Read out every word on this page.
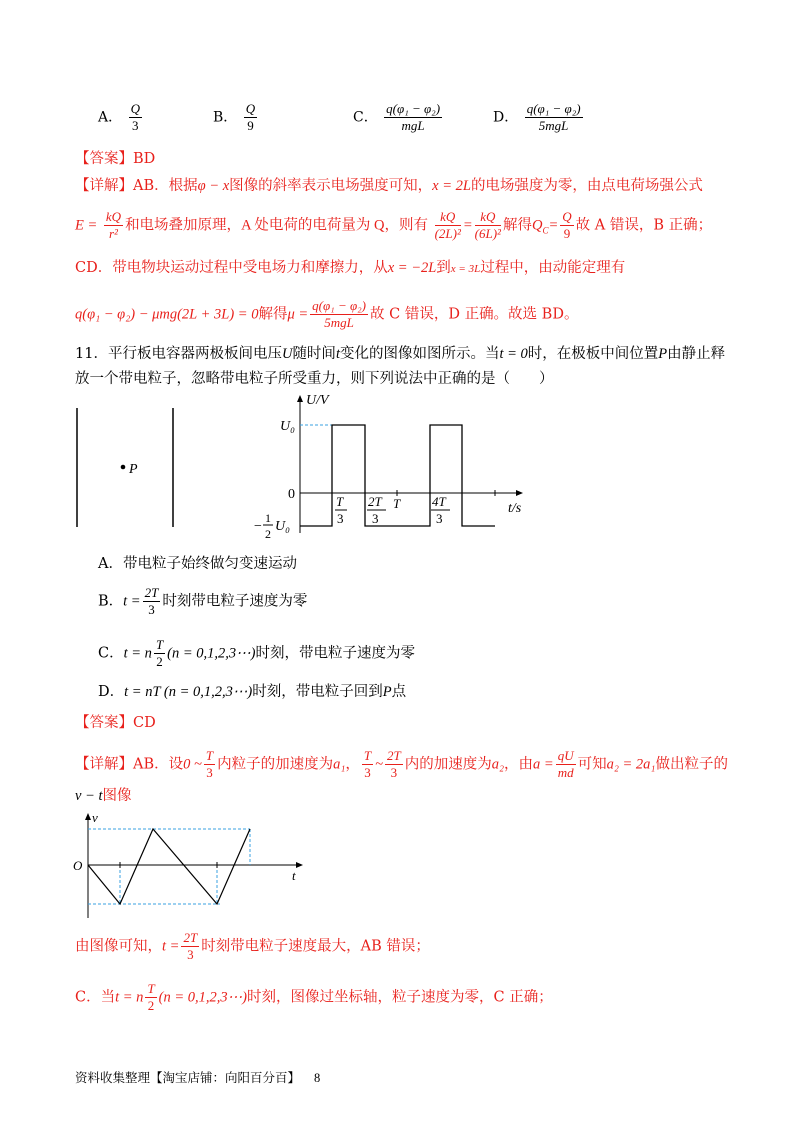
A． $\frac{Q}{3}$	B． $\frac{Q}{9}$	C． $\frac{\text{q(φ₁ − φ₂)}}{\text{mgL}}$	D． $\frac{\text{q(φ₁ − φ₂)}}{\text{5mgL}}$
【答案】BD
【详解】AB．根据φ − x图像的斜率表示电场强度可知，x = 2L的电场强度为零，由点电荷场强公式
$E = \frac{kQ}{\text{r²}}$ 和电场叠加原理，A 处电荷的电荷量为 Q，则有 $\frac{kQ}{\text{(2L)²}} = \frac{kQ}{\text{(6L)²}}$ 解得$Q_C= \frac{Q}{9}$ 故 A 错误，B 正确；
CD．带电物块运动过程中受电场力和摩擦力，从x = −2L到x = 3L过程中，由动能定理有
q(φ₁ − φ₂) − μmg(2L + 3L) = 0解得$\mu = \frac{\text{q(φ₁ − φ₂)}}{\text{5mgL}}$ 故 C 错误，D 正确。故选 BD。
11．平行板电容器两极板间电压U随时间t变化的图像如图所示。当t = 0时，在极板中间位置P由静止释
放一个带电粒子，忽略带电粒子所受重力，则下列说法中正确的是（　　）
P
U/V
U₀
0
−
1
2 U₀
T
3
2T
3
T 4T
3
t/s
A．带电粒子始终做匀变速运动
B．$t = \frac{2T}{3}$ 时刻带电粒子速度为零
C．t = n $\frac{T}{2} (n$ = 0,1,2,3⋯)时刻，带电粒子速度为零
D．t = nT (n = 0,1,2,3⋯)时刻，带电粒子回到P点
【答案】CD
【详解】AB．设0 ~ $\frac{T}{3}$ 内粒子的加速度为a₁， $\frac{T}{3}$ ~ $\frac{2T}{3}$ 内的加速度为a₂，由$a = \frac{qU}{md}$ 可知a₂ = 2a₁做出粒子的
v − t图像
v
O
t
由图像可知，$t = \frac{2T}{3}$ 时刻带电粒子速度最大，AB 错误；
C．当t = n $\frac{T}{2} (n$ = 0,1,2,3⋯)时刻，图像过坐标轴，粒子速度为零，C 正确；
资料收集整理【淘宝店铺：向阳百分百】 8
